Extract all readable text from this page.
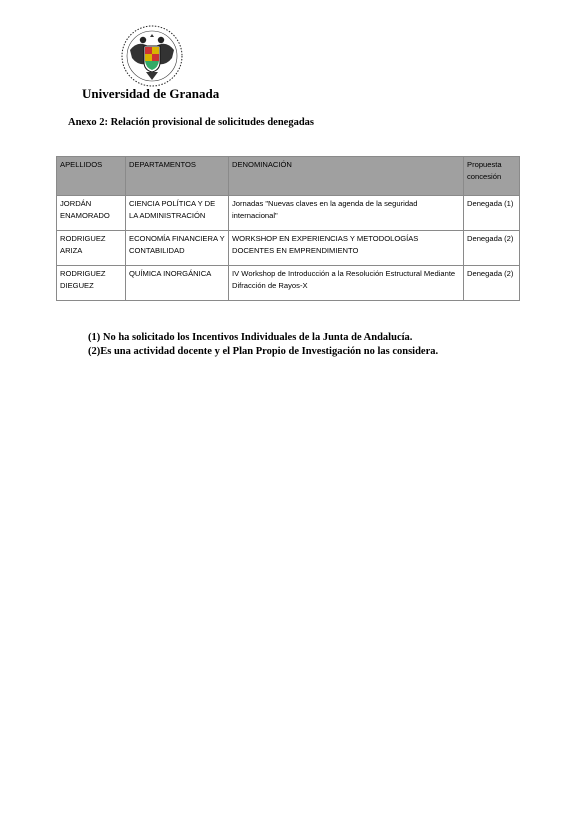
Universidad de Granada
Anexo 2: Relación provisional de solicitudes denegadas
APELLIDOS	DEPARTAMENTOS	DENOMINACIÓN	Propuesta concesión
JORDÁN ENAMORADO	CIENCIA POLÍTICA Y DE LA ADMINISTRACIÓN	Jornadas "Nuevas claves en la agenda de la seguridad internacional"	Denegada (1)
RODRIGUEZ ARIZA	ECONOMÍA FINANCIERA Y CONTABILIDAD	WORKSHOP EN EXPERIENCIAS Y METODOLOGÍAS DOCENTES EN EMPRENDIMIENTO	Denegada (2)
RODRIGUEZ DIEGUEZ	QUÍMICA INORGÁNICA	IV Workshop de Introducción a la Resolución Estructural Mediante Difracción de Rayos-X	Denegada (2)
(1) No ha solicitado los Incentivos Individuales de la Junta de Andalucía.
(2)Es una actividad docente y el Plan Propio de Investigación no las considera.
